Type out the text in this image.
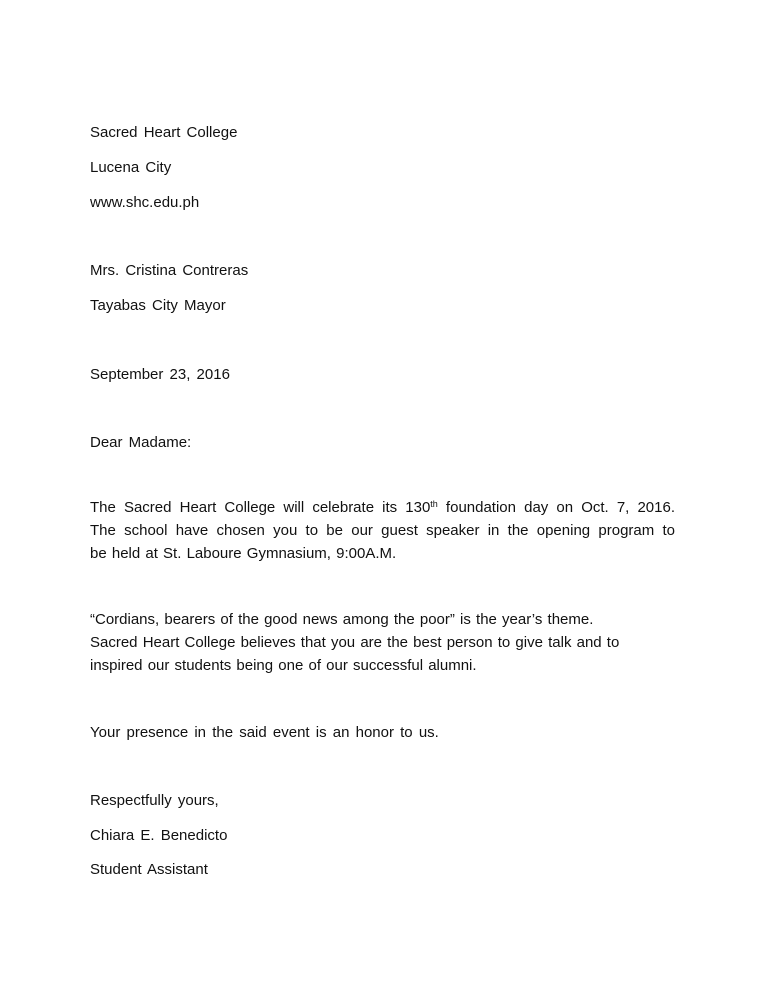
Sacred Heart College
Lucena City
www.shc.edu.ph
Mrs. Cristina Contreras
Tayabas City Mayor
September 23, 2016
Dear Madame:
The Sacred Heart College will celebrate its 130th foundation day on Oct. 7, 2016.
The school have chosen you to be our guest speaker in the opening program to
be held at St. Laboure Gymnasium, 9:00A.M.
“Cordians, bearers of the good news among the poor” is the year’s theme.
Sacred Heart College believes that you are the best person to give talk and to
inspired our students being one of our successful alumni.
Your presence in the said event is an honor to us.
Respectfully yours,
Chiara E. Benedicto
Student Assistant
